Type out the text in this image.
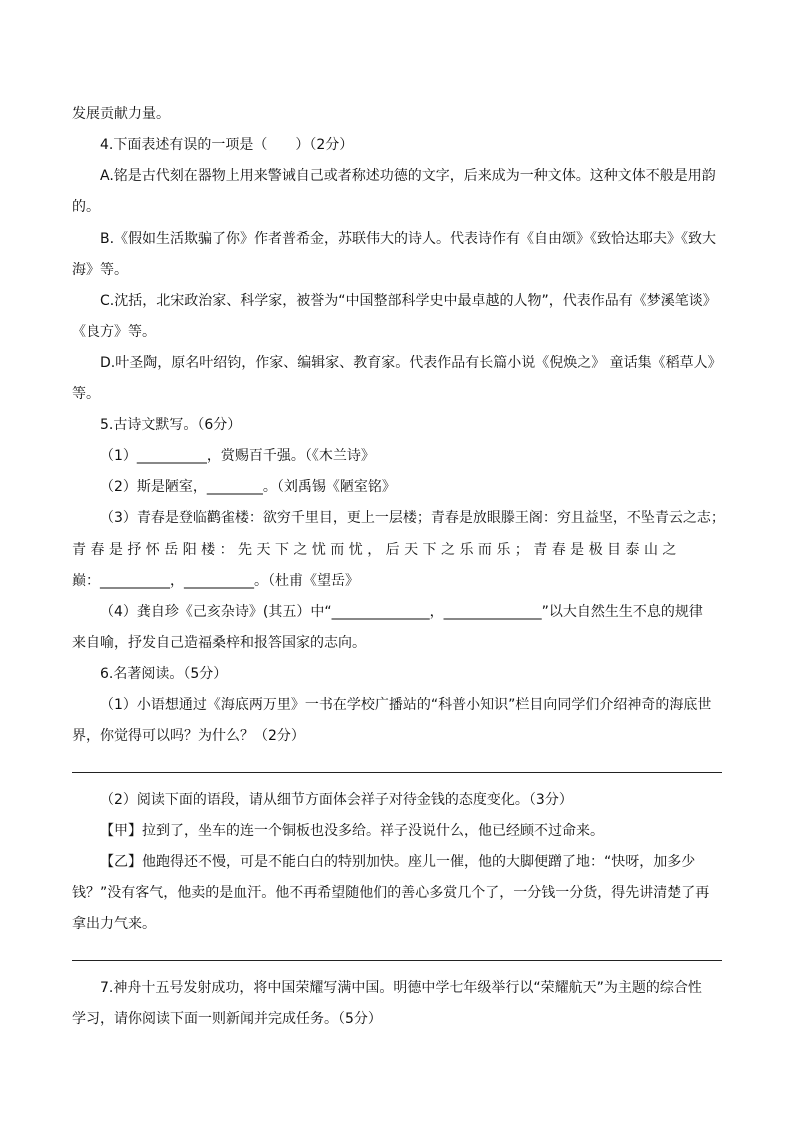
发展贡献力量。
4.下面表述有误的一项是（　　）（2分）
A.铭是古代刻在器物上用来警诫自己或者称述功德的文字，后来成为一种文体。这种文体不般是用韵
的。
B.《假如生活欺骗了你》作者普希金，苏联伟大的诗人。代表诗作有《自由颂》《致恰达耶夫》《致大
海》等。
C.沈括，北宋政治家、科学家，被誉为“中国整部科学史中最卓越的人物”，代表作品有《梦溪笔谈》
《良方》等。
D.叶圣陶，原名叶绍钧，作家、编辑家、教育家。代表作品有长篇小说《倪焕之》 童话集《稻草人》
等。
5.古诗文默写。（6分）
（1）__________，赏赐百千强。（《木兰诗》
（2）斯是陋室，________。（刘禹锡《陋室铭》
（3）青春是登临鹳雀楼：欲穷千里目，更上一层楼；青春是放眼滕王阁：穷且益坚，不坠青云之志；
青 春 是 抒 怀 岳 阳 楼 ： 先 天 下 之 忧 而 忧 ， 后 天 下 之 乐 而 乐 ； 青 春 是 极 目 泰 山 之
巅：__________，__________。（杜甫《望岳》
（4）龚自珍《己亥杂诗》(其五）中“______________，______________”以大自然生生不息的规律
来自喻，抒发自己造福桑梓和报答国家的志向。
6.名著阅读。（5分）
（1）小语想通过《海底两万里》一书在学校广播站的“科普小知识”栏目向同学们介绍神奇的海底世
界，你觉得可以吗？为什么？（2分）
（2）阅读下面的语段，请从细节方面体会祥子对待金钱的态度变化。（3分）
【甲】拉到了，坐车的连一个铜板也没多给。祥子没说什么，他已经顾不过命来。
【乙】他跑得还不慢，可是不能白白的特别加快。座儿一催，他的大脚便蹭了地：“快呀，加多少
钱？”没有客气，他卖的是血汗。他不再希望随他们的善心多赏几个了，一分钱一分货，得先讲清楚了再
拿出力气来。
7.神舟十五号发射成功，将中国荣耀写满中国。明德中学七年级举行以“荣耀航天”为主题的综合性
学习，请你阅读下面一则新闻并完成任务。（5分）
